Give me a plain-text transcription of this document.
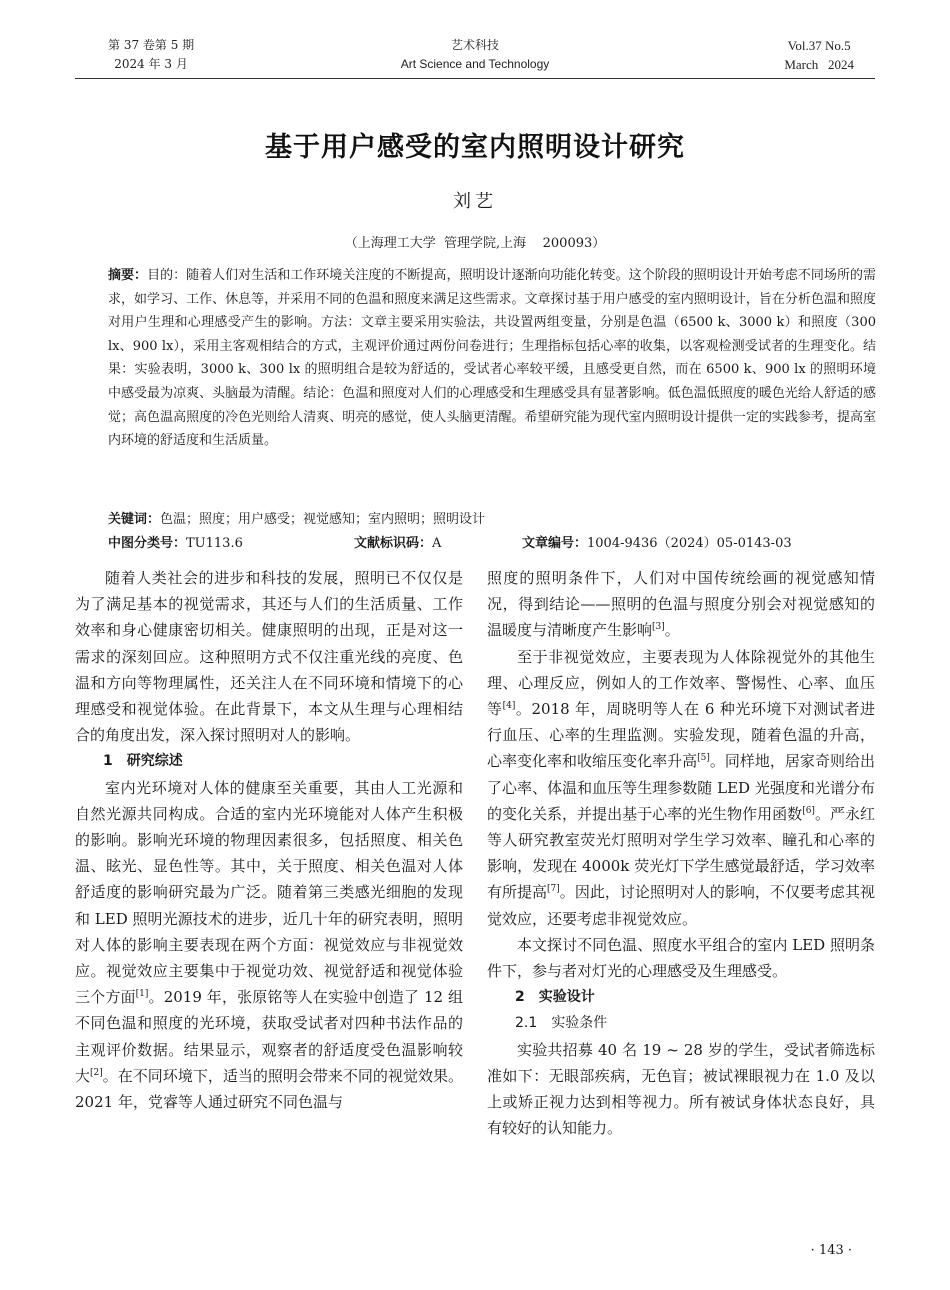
第 37 卷第 5 期
2024 年 3 月
艺术科技
Art Science and Technology
Vol.37 No.5
March   2024
基于用户感受的室内照明设计研究
刘艺
（上海理工大学  管理学院,上海    200093）
摘要：目的：随着人们对生活和工作环境关注度的不断提高，照明设计逐渐向功能化转变。这个阶段的照明设计开始考虑不同场所的需求，如学习、工作、休息等，并采用不同的色温和照度来满足这些需求。文章探讨基于用户感受的室内照明设计，旨在分析色温和照度对用户生理和心理感受产生的影响。方法：文章主要采用实验法，共设置两组变量，分别是色温（6500 k、3000 k）和照度（300 lx、900 lx），采用主客观相结合的方式，主观评价通过两份问卷进行；生理指标包括心率的收集，以客观检测受试者的生理变化。结果：实验表明，3000 k、300 lx 的照明组合是较为舒适的，受试者心率较平缓，且感受更自然，而在 6500 k、900 lx 的照明环境中感受最为凉爽、头脑最为清醒。结论：色温和照度对人们的心理感受和生理感受具有显著影响。低色温低照度的暖色光给人舒适的感觉；高色温高照度的冷色光则给人清爽、明亮的感觉，使人头脑更清醒。希望研究能为现代室内照明设计提供一定的实践参考，提高室内环境的舒适度和生活质量。
关键词：色温；照度；用户感受；视觉感知；室内照明；照明设计
中图分类号：TU113.6	文献标识码：A	文章编号：1004-9436（2024）05-0143-03

随着人类社会的进步和科技的发展，照明已不仅仅是为了满足基本的视觉需求，其还与人们的生活质量、工作效率和身心健康密切相关。健康照明的出现，正是对这一需求的深刻回应。这种照明方式不仅注重光线的亮度、色温和方向等物理属性，还关注人在不同环境和情境下的心理感受和视觉体验。在此背景下，本文从生理与心理相结合的角度出发，深入探讨照明对人的影响。

1　研究综述

室内光环境对人体的健康至关重要，其由人工光源和自然光源共同构成。合适的室内光环境能对人体产生积极的影响。影响光环境的物理因素很多，包括照度、相关色温、眩光、显色性等。其中，关于照度、相关色温对人体舒适度的影响研究最为广泛。随着第三类感光细胞的发现和 LED 照明光源技术的进步，近几十年的研究表明，照明对人体的影响主要表现在两个方面：视觉效应与非视觉效应。视觉效应主要集中于视觉功效、视觉舒适和视觉体验三个方面[1]。2019 年，张原铭等人在实验中创造了 12 组不同色温和照度的光环境，获取受试者对四种书法作品的主观评价数据。结果显示，观察者的舒适度受色温影响较大[2]。在不同环境下，适当的照明会带来不同的视觉效果。2021 年，党睿等人通过研究不同色温与

照度的照明条件下，人们对中国传统绘画的视觉感知情况，得到结论——照明的色温与照度分别会对视觉感知的温暖度与清晰度产生影响[3]。

至于非视觉效应，主要表现为人体除视觉外的其他生理、心理反应，例如人的工作效率、警惕性、心率、血压等[4]。2018 年，周晓明等人在 6 种光环境下对测试者进行血压、心率的生理监测。实验发现，随着色温的升高，心率变化率和收缩压变化率升高[5]。同样地，居家奇则给出了心率、体温和血压等生理参数随 LED 光强度和光谱分布的变化关系，并提出基于心率的光生物作用函数[6]。严永红等人研究教室荧光灯照明对学生学习效率、瞳孔和心率的影响，发现在 4000k 荧光灯下学生感觉最舒适，学习效率有所提高[7]。因此，讨论照明对人的影响，不仅要考虑其视觉效应，还要考虑非视觉效应。

本文探讨不同色温、照度水平组合的室内 LED 照明条件下，参与者对灯光的心理感受及生理感受。

2　实验设计
2.1　实验条件

实验共招募 40 名 19 ~ 28 岁的学生，受试者筛选标准如下：无眼部疾病，无色盲；被试裸眼视力在 1.0 及以上或矫正视力达到相等视力。所有被试身体状态良好，具有较好的认知能力。

· 143 ·
